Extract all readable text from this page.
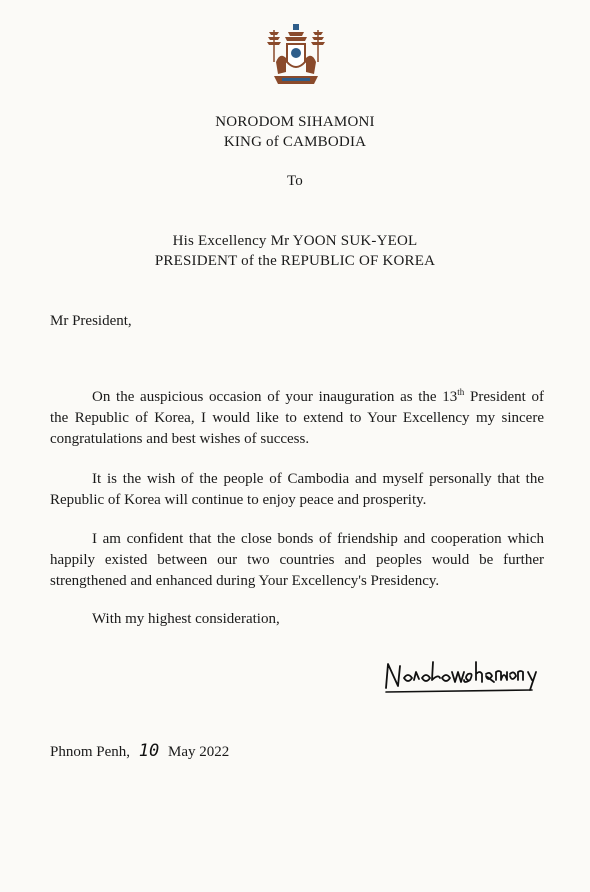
NORODOM SIHAMONI
KING of CAMBODIA
To
His Excellency Mr YOON SUK-YEOL
PRESIDENT of the REPUBLIC OF KOREA
Mr President,

On the auspicious occasion of your inauguration as the 13th President of the Republic of Korea, I would like to extend to Your Excellency my sincere congratulations and best wishes of success.

It is the wish of the people of Cambodia and myself personally that the Republic of Korea will continue to enjoy peace and prosperity.

I am confident that the close bonds of friendship and cooperation which happily existed between our two countries and peoples would be further strengthened and enhanced during Your Excellency's Presidency.

With my highest consideration,
Phnom Penh, 10 May 2022
